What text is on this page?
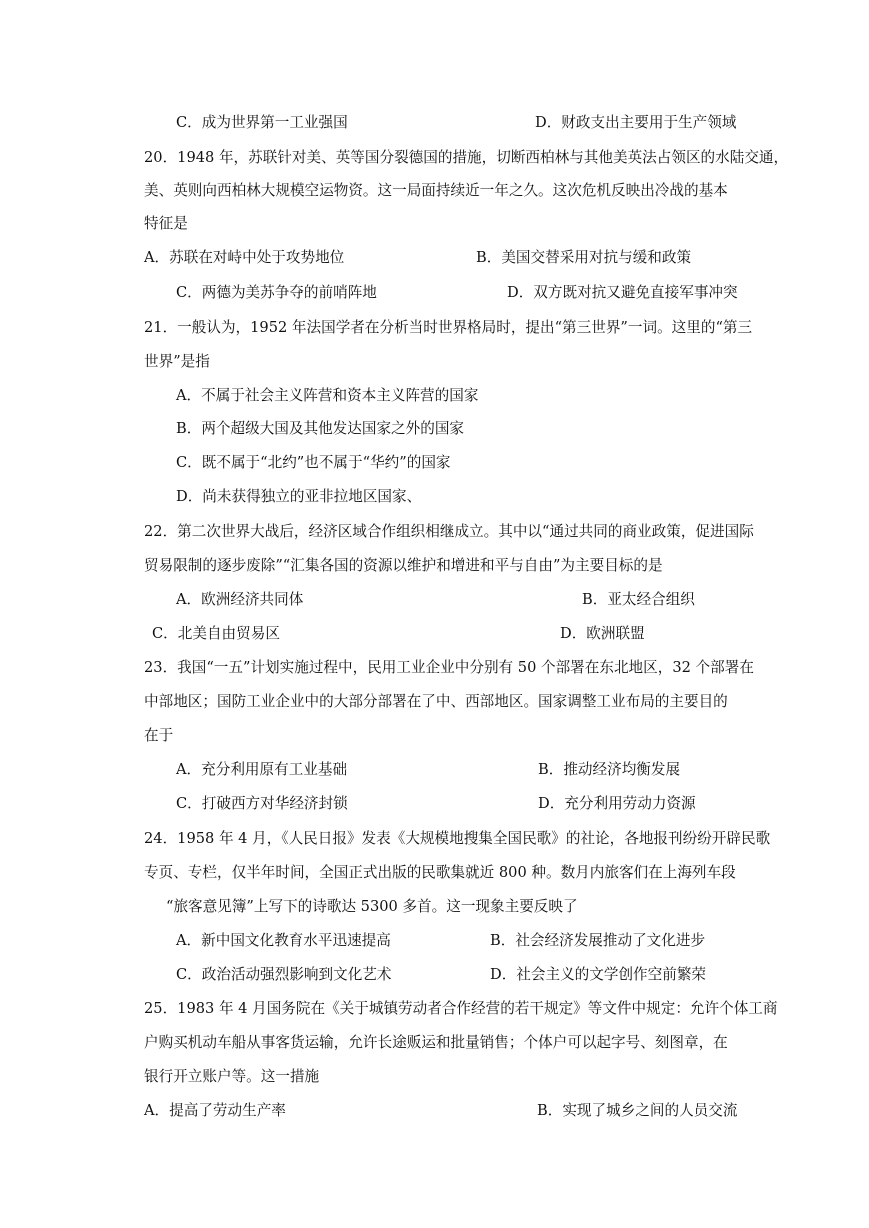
C．成为世界第一工业强国	D．财政支出主要用于生产领域
20．1948 年，苏联针对美、英等国分裂德国的措施，切断西柏林与其他美英法占领区的水陆交通，
美、英则向西柏林大规模空运物资。这一局面持续近一年之久。这次危机反映出冷战的基本
特征是
A．苏联在对峙中处于攻势地位	B．美国交替采用对抗与缓和政策
C．两德为美苏争夺的前哨阵地	D．双方既对抗又避免直接军事冲突
21．一般认为，1952 年法国学者在分析当时世界格局时，提出“第三世界”一词。这里的“第三
世界”是指
A．不属于社会主义阵营和资本主义阵营的国家
B．两个超级大国及其他发达国家之外的国家
C．既不属于“北约”也不属于“华约”的国家
D．尚未获得独立的亚非拉地区国家、
22．第二次世界大战后，经济区域合作组织相继成立。其中以“通过共同的商业政策，促进国际
贸易限制的逐步废除”“汇集各国的资源以维护和增进和平与自由”为主要目标的是
A．欧洲经济共同体	B．亚太经合组织
C．北美自由贸易区	D．欧洲联盟
23．我国“一五”计划实施过程中，民用工业企业中分别有 50 个部署在东北地区，32 个部署在
中部地区；国防工业企业中的大部分部署在了中、西部地区。国家调整工业布局的主要目的
在于
A．充分利用原有工业基础	B．推动经济均衡发展
C．打破西方对华经济封锁	D．充分利用劳动力资源
24．1958 年 4 月，《人民日报》发表《大规模地搜集全国民歌》的社论，各地报刊纷纷开辟民歌
专页、专栏，仅半年时间，全国正式出版的民歌集就近 800 种。数月内旅客们在上海列车段
“旅客意见簿”上写下的诗歌达 5300 多首。这一现象主要反映了
A．新中国文化教育水平迅速提高	B．社会经济发展推动了文化进步
C．政治活动强烈影响到文化艺术	D．社会主义的文学创作空前繁荣
25．1983 年 4 月国务院在《关于城镇劳动者合作经营的若干规定》等文件中规定：允许个体工商
户购买机动车船从事客货运输，允许长途贩运和批量销售；个体户可以起字号、刻图章，在
银行开立账户等。这一措施
A．提高了劳动生产率	B．实现了城乡之间的人员交流
